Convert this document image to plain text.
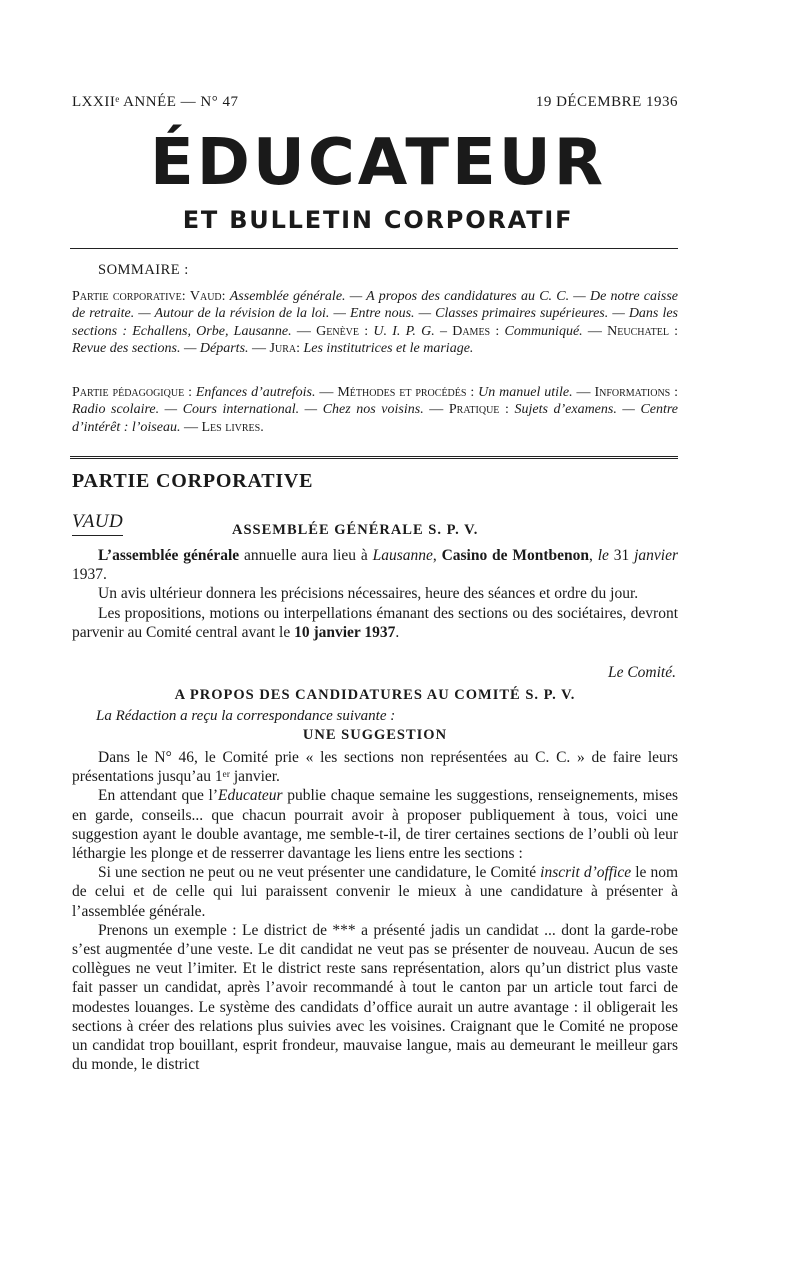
LXXIIᵉ ANNÉE — N° 47	19 DÉCEMBRE 1936
ÉDUCATEUR
ET BULLETIN CORPORATIF
SOMMAIRE :
Partie corporative: Vaud: Assemblée générale. — A propos des candidatures au C. C. — De notre caisse de retraite. — Autour de la révision de la loi. — Entre nous. — Classes primaires supérieures. — Dans les sections : Echallens, Orbe, Lausanne. — Genève : U. I. P. G. – Dames : Communiqué. — Neuchatel : Revue des sections. — Départs. — Jura: Les institutrices et le mariage.
Partie pédagogique : Enfances d’autrefois. — Méthodes et procédés : Un manuel utile. — Informations : Radio scolaire. — Cours international. — Chez nos voisins. — Pratique : Sujets d’examens. — Centre d’intérêt : l’oiseau. — Les livres.
PARTIE CORPORATIVE
VAUD	ASSEMBLÉE GÉNÉRALE S. P. V.

L’assemblée générale annuelle aura lieu à Lausanne, Casino de Montbenon, le 31 janvier 1937.

Un avis ultérieur donnera les précisions nécessaires, heure des séances et ordre du jour.

Les propositions, motions ou interpellations émanant des sections ou des sociétaires, devront parvenir au Comité central avant le 10 janvier 1937.

Le Comité.
A PROPOS DES CANDIDATURES AU COMITÉ S. P. V.
La Rédaction a reçu la correspondance suivante :
UNE SUGGESTION

Dans le N° 46, le Comité prie « les sections non représentées au C. C. » de faire leurs présentations jusqu’au 1ᵉʳ janvier.

En attendant que l’Educateur publie chaque semaine les suggestions, renseignements, mises en garde, conseils... que chacun pourrait avoir à proposer publiquement à tous, voici une suggestion ayant le double avantage, me semble-t-il, de tirer certaines sections de l’oubli où leur léthargie les plonge et de resserrer davantage les liens entre les sections :

Si une section ne peut ou ne veut présenter une candidature, le Comité inscrit d’office le nom de celui et de celle qui lui paraissent convenir le mieux à une candidature à présenter à l’assemblée générale.

Prenons un exemple : Le district de *** a présenté jadis un candidat ... dont la garde-robe s’est augmentée d’une veste. Le dit candidat ne veut pas se présenter de nouveau. Aucun de ses collègues ne veut l’imiter. Et le district reste sans représentation, alors qu’un district plus vaste fait passer un candidat, après l’avoir recommandé à tout le canton par un article tout farci de modestes louanges. Le système des candidats d’office aurait un autre avantage : il obligerait les sections à créer des relations plus suivies avec les voisines. Craignant que le Comité ne propose un candidat trop bouillant, esprit frondeur, mauvaise langue, mais au demeurant le meilleur gars du monde, le district
